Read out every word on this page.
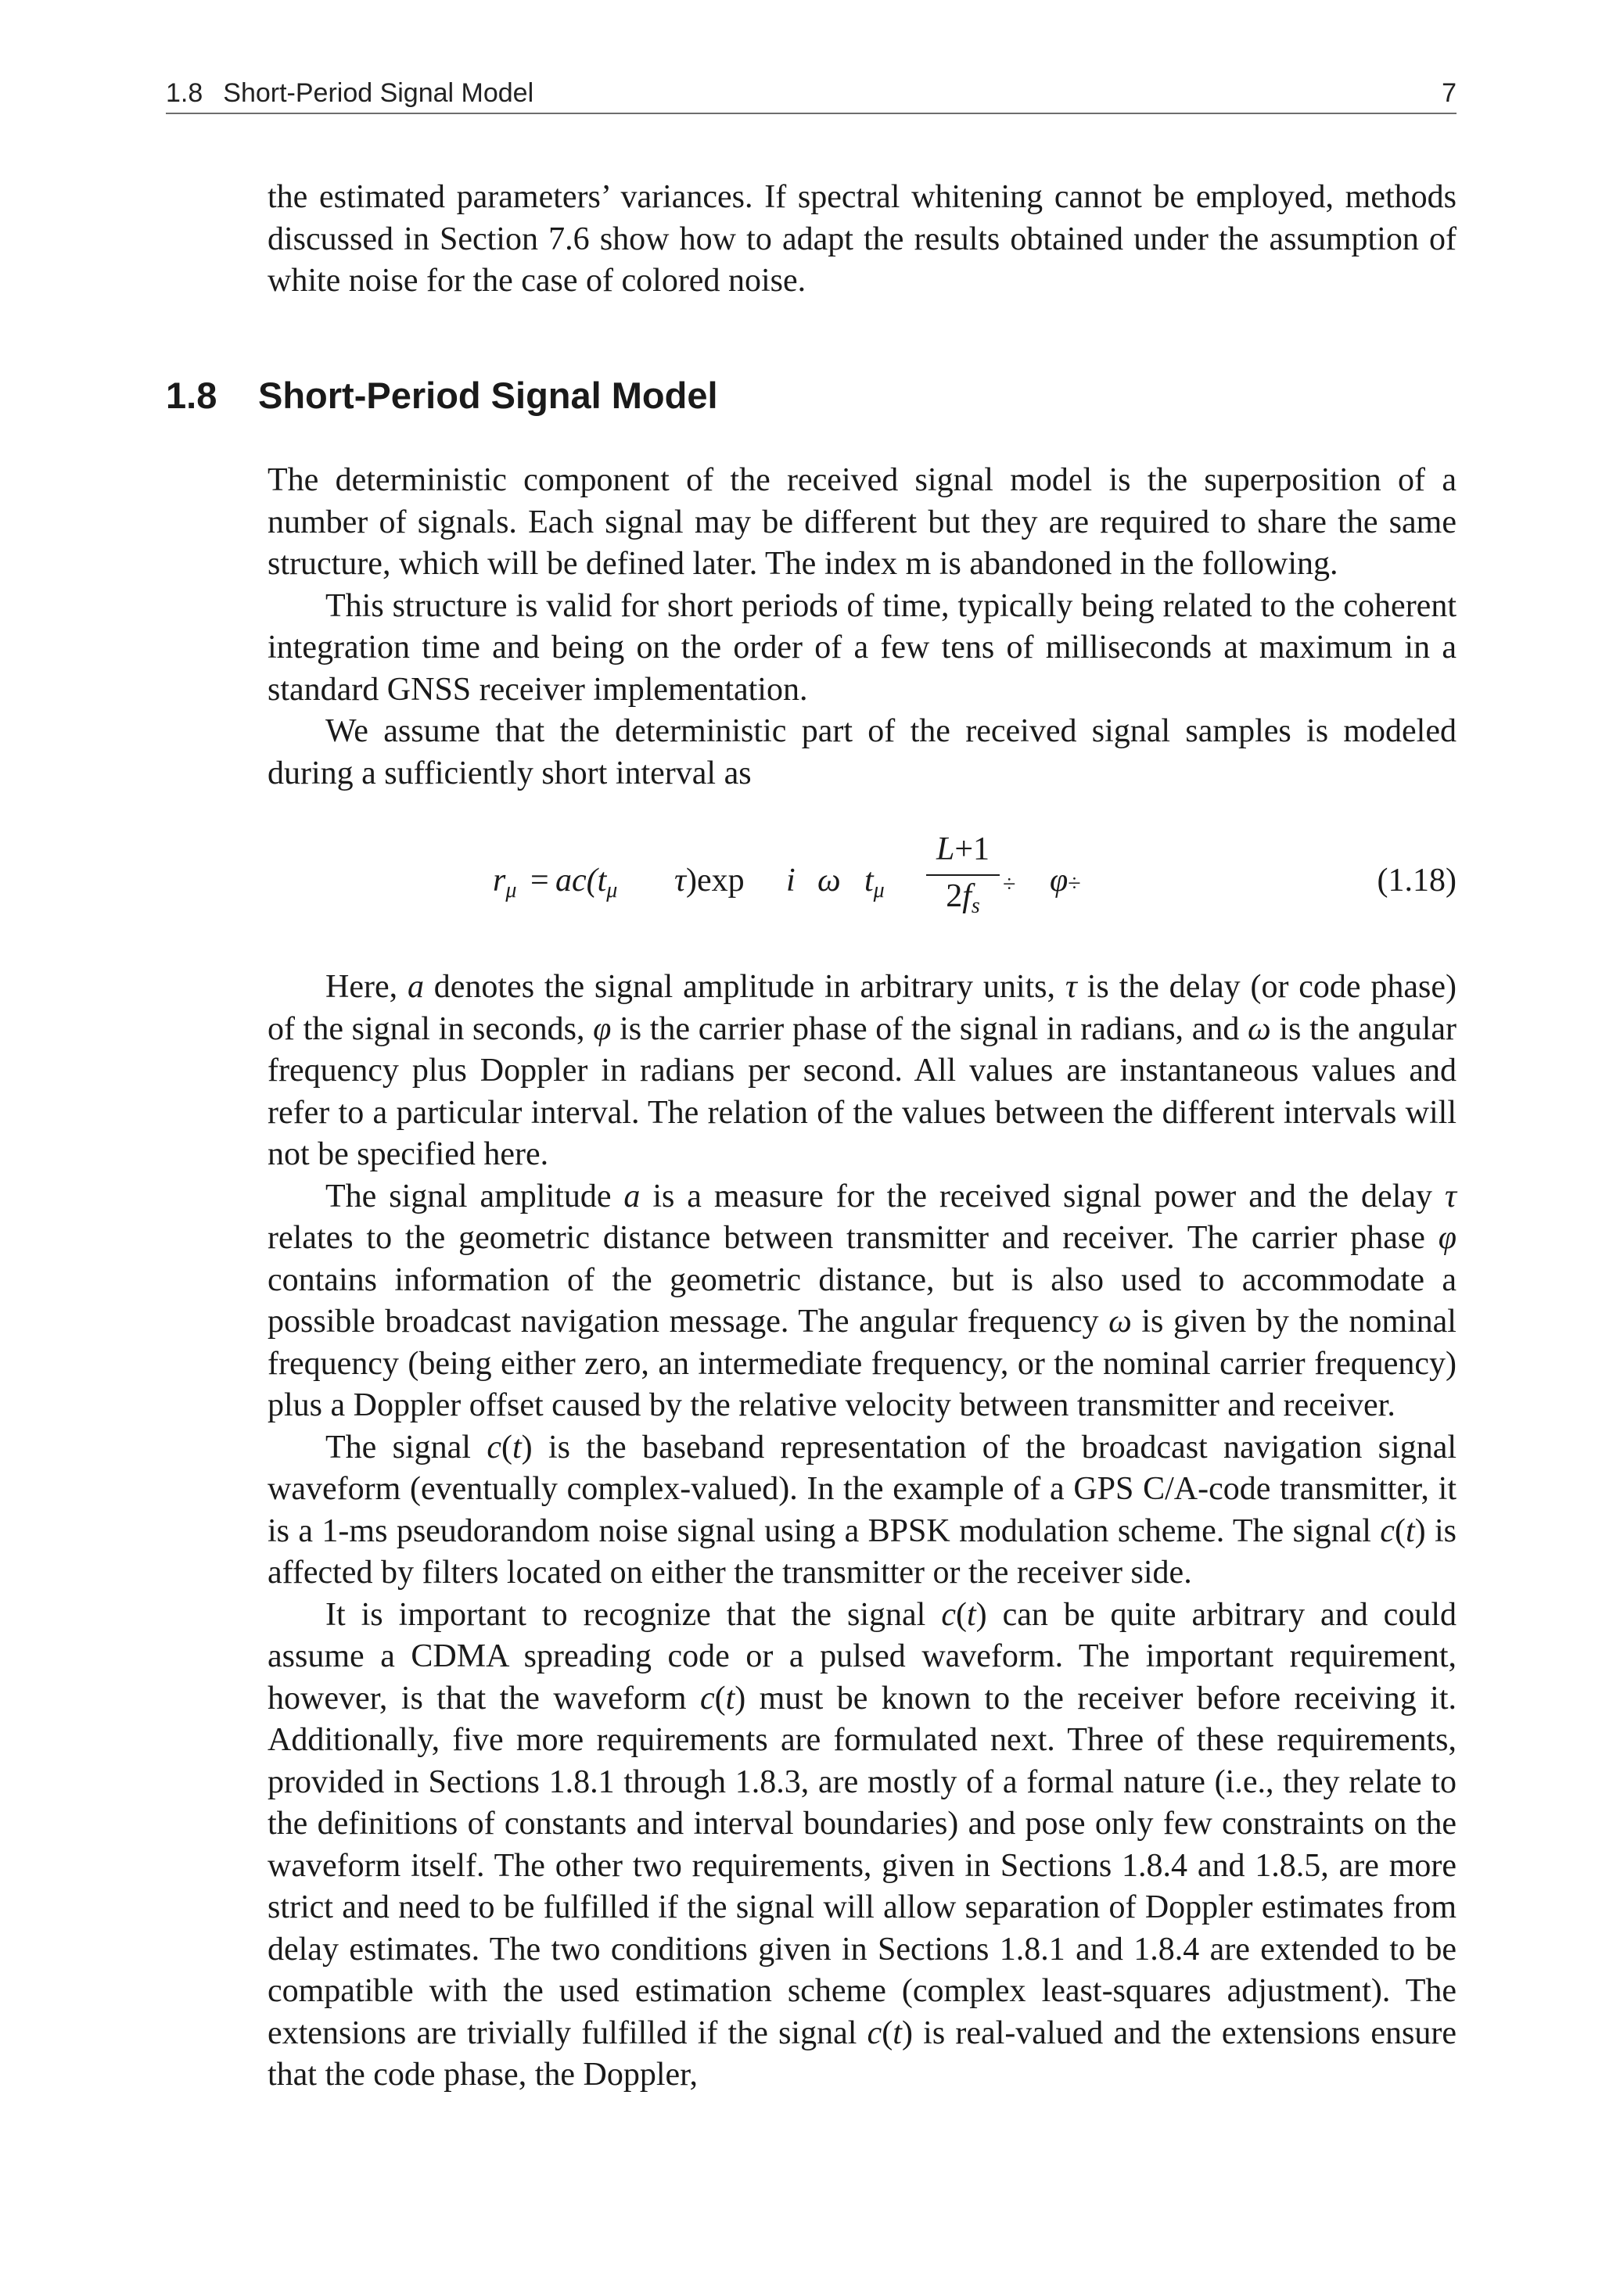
1.8 Short-Period Signal Model	7

the estimated parameters’ variances. If spectral whitening cannot be employed, methods discussed in Section 7.6 show how to adapt the results obtained under the assumption of white noise for the case of colored noise.

1.8 Short-Period Signal Model

The deterministic component of the received signal model is the superposition of a number of signals. Each signal may be different but they are required to share the same structure, which will be defined later. The index m is abandoned in the following.

This structure is valid for short periods of time, typically being related to the coherent integration time and being on the order of a few tens of milliseconds at maximum in a standard GNSS receiver implementation.

We assume that the deterministic part of the received signal samples is modeled during a sufficiently short interval as

$r_\mu = ac(t_\mu$ τ)exp i ω $t_\mu$
L+1
$2f_s$
÷ φ÷	(1.18)

Here, a denotes the signal amplitude in arbitrary units, τ is the delay (or code phase) of the signal in seconds, φ is the carrier phase of the signal in radians, and ω is the angular frequency plus Doppler in radians per second. All values are instantaneous values and refer to a particular interval. The relation of the values between the different intervals will not be specified here.

The signal amplitude a is a measure for the received signal power and the delay τ relates to the geometric distance between transmitter and receiver. The carrier phase φ contains information of the geometric distance, but is also used to accommodate a possible broadcast navigation message. The angular frequency ω is given by the nominal frequency (being either zero, an intermediate frequency, or the nominal carrier frequency) plus a Doppler offset caused by the relative velocity between transmitter and receiver.

The signal c(t) is the baseband representation of the broadcast navigation signal waveform (eventually complex-valued). In the example of a GPS C/A-code transmitter, it is a 1-ms pseudorandom noise signal using a BPSK modulation scheme. The signal c(t) is affected by filters located on either the transmitter or the receiver side.

It is important to recognize that the signal c(t) can be quite arbitrary and could assume a CDMA spreading code or a pulsed waveform. The important requirement, however, is that the waveform c(t) must be known to the receiver before receiving it. Additionally, five more requirements are formulated next. Three of these requirements, provided in Sections 1.8.1 through 1.8.3, are mostly of a formal nature (i.e., they relate to the definitions of constants and interval boundaries) and pose only few constraints on the waveform itself. The other two requirements, given in Sections 1.8.4 and 1.8.5, are more strict and need to be fulfilled if the signal will allow separation of Doppler estimates from delay estimates. The two conditions given in Sections 1.8.1 and 1.8.4 are extended to be compatible with the used estimation scheme (complex least-squares adjustment). The extensions are trivially fulfilled if the signal c(t) is real-valued and the extensions ensure that the code phase, the Doppler,
